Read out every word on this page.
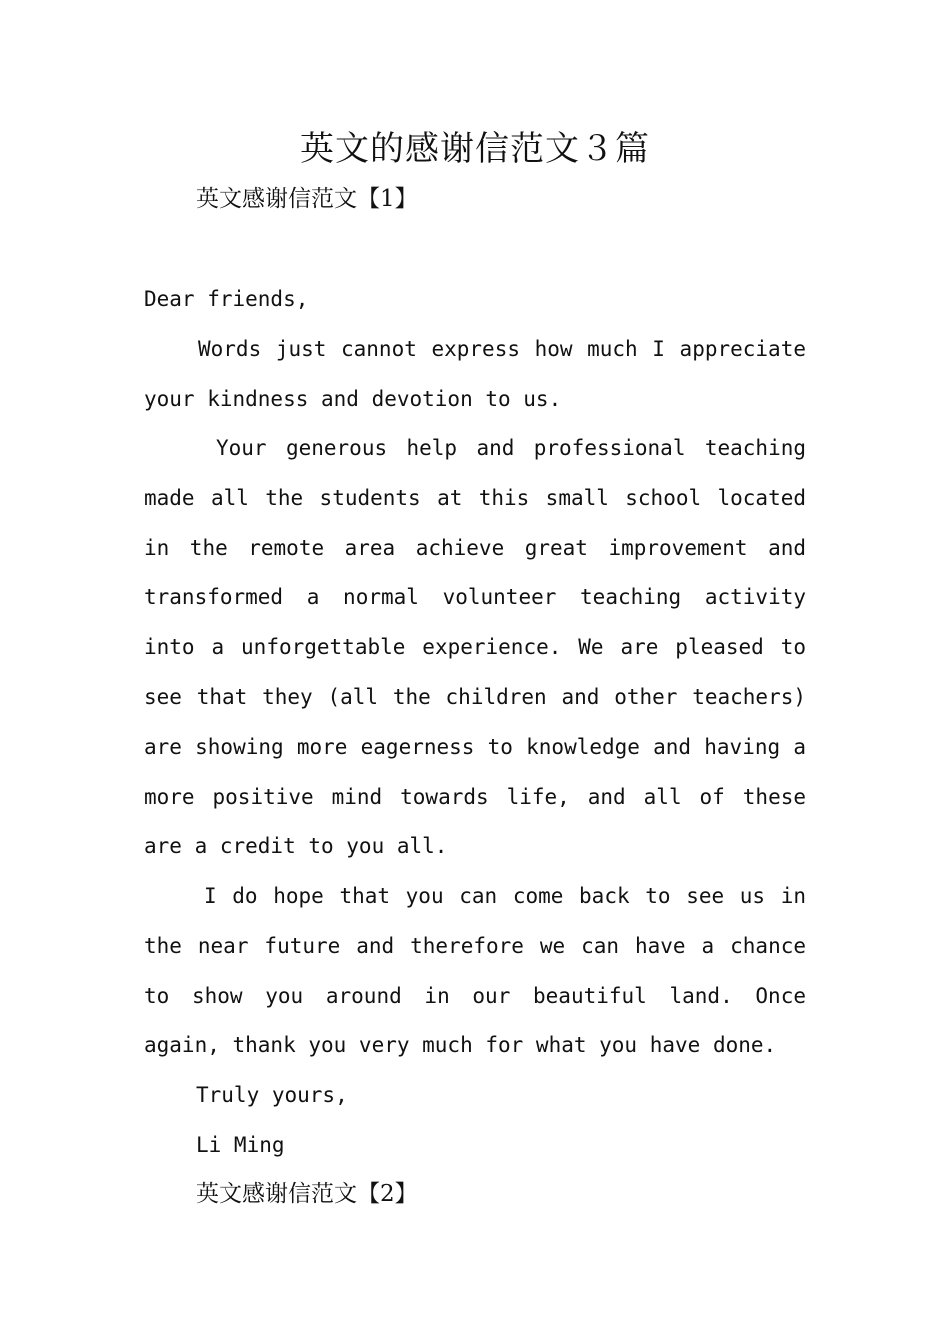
英文的感谢信范文３篇

英文感谢信范文【1】

Dear friends,

Words just cannot express how much I appreciate your kindness and devotion to us.

Your generous help and professional teaching made all the students at this small school located in the remote area achieve great improvement and transformed a normal volunteer teaching activity into a unforgettable experience. We are pleased to see that they (all the children and other teachers) are showing more eagerness to knowledge and having a more positive mind towards life, and all of these are a credit to you all.

I do hope that you can come back to see us in the near future and therefore we can have a chance to show you around in our beautiful land. Once again, thank you very much for what you have done.

Truly yours,

Li Ming

英文感谢信范文【2】
